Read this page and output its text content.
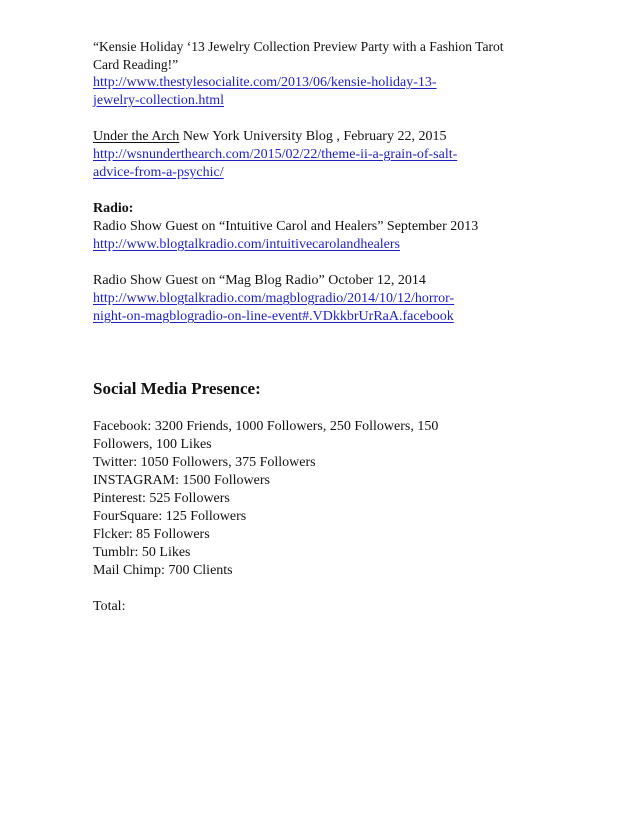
“Kensie Holiday ‘13 Jewelry Collection Preview Party with a Fashion Tarot
Card Reading!”
http://www.thestylesocialite.com/2013/06/kensie-holiday-13-
jewelry-collection.html
Under the Arch New York University Blog , February 22, 2015
http://wsnunderthearch.com/2015/02/22/theme-ii-a-grain-of-salt-
advice-from-a-psychic/
Radio:
Radio Show Guest on “Intuitive Carol and Healers” September 2013
http://www.blogtalkradio.com/intuitivecarolandhealers
Radio Show Guest on “Mag Blog Radio” October 12, 2014
http://www.blogtalkradio.com/magblogradio/2014/10/12/horror-
night-on-magblogradio-on-line-event#.VDkkbrUrRaA.facebook
Social Media Presence:
Facebook: 3200 Friends, 1000 Followers, 250 Followers, 150
Followers, 100 Likes
Twitter: 1050 Followers, 375 Followers
INSTAGRAM: 1500 Followers
Pinterest: 525 Followers
FourSquare: 125 Followers
Flcker: 85 Followers
Tumblr: 50 Likes
Mail Chimp: 700 Clients
Total:
